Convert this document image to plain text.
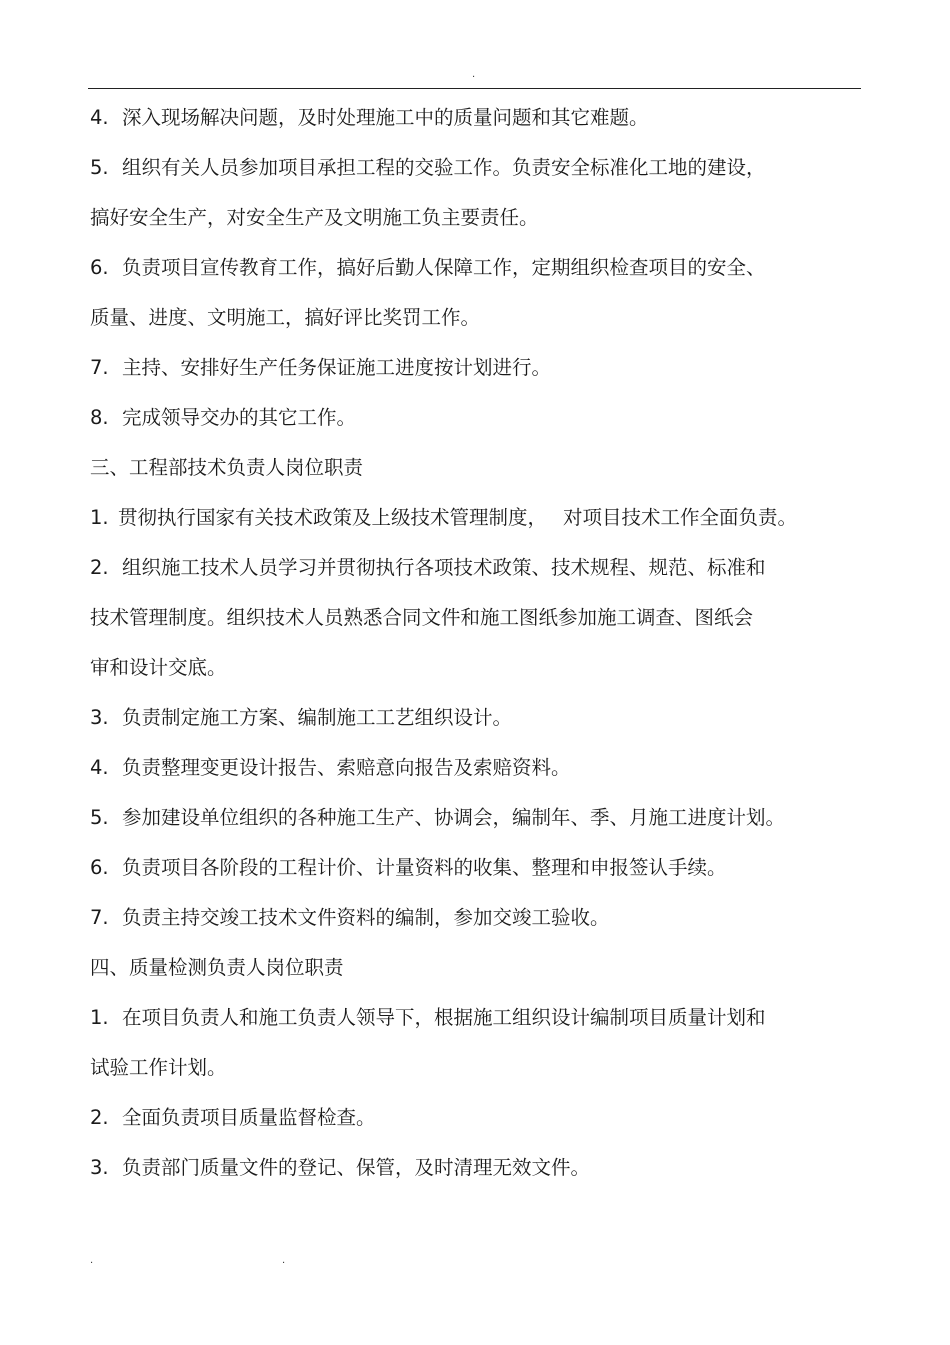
.
4. 深入现场解决问题，及时处理施工中的质量问题和其它难题。
5. 组织有关人员参加项目承担工程的交验工作。负责安全标准化工地的建设，
搞好安全生产，对安全生产及文明施工负主要责任。
6. 负责项目宣传教育工作，搞好后勤人保障工作，定期组织检查项目的安全、
质量、进度、文明施工，搞好评比奖罚工作。
7. 主持、安排好生产任务保证施工进度按计划进行。
8. 完成领导交办的其它工作。
三、工程部技术负责人岗位职责
1. 贯彻执行国家有关技术政策及上级技术管理制度，　 对项目技术工作全面负责。
2. 组织施工技术人员学习并贯彻执行各项技术政策、技术规程、规范、标准和
技术管理制度。组织技术人员熟悉合同文件和施工图纸参加施工调查、图纸会
审和设计交底。
3. 负责制定施工方案、编制施工工艺组织设计。
4. 负责整理变更设计报告、索赔意向报告及索赔资料。
5. 参加建设单位组织的各种施工生产、协调会，编制年、季、月施工进度计划。
6. 负责项目各阶段的工程计价、计量资料的收集、整理和申报签认手续。
7. 负责主持交竣工技术文件资料的编制，参加交竣工验收。
四、质量检测负责人岗位职责
1. 在项目负责人和施工负责人领导下，根据施工组织设计编制项目质量计划和
试验工作计划。
2. 全面负责项目质量监督检查。
3. 负责部门质量文件的登记、保管，及时清理无效文件。
.	.
